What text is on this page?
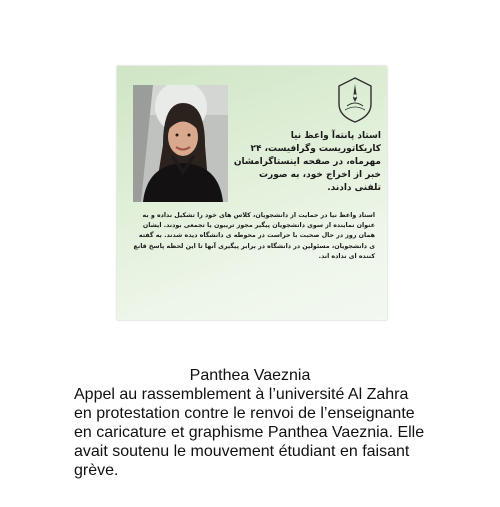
استاد پانته‌آ واعظ نیا کاریکاتوریست وگرافیست، ۲۴ مهرماه، در صفحه اینستاگرامشان خبر از اخراج خود، به صورت تلفنی دادند.
استاد واعظ نیا در حمایت از دانشجویان، کلاس های خود را تشکیل نداده و به عنوان نماینده از سوی دانشجویان پیگیر مجوز تریبون یا تجمعی بودند. ایشان همان روز در حال صحبت با حراست در محوطه ی دانشگاه دیده شدند. به گفته ی دانشجویان، مسئولین در دانشگاه در برابر پیگیری آنها تا این لحظه پاسخ قانع کننده ای نداده اند.
Panthea Vaeznia
Appel au rassemblement à l’université Al Zahra en protestation contre le renvoi de l’enseignante en caricature et graphisme Panthea Vaeznia. Elle avait soutenu le mouvement étudiant en faisant grève.
